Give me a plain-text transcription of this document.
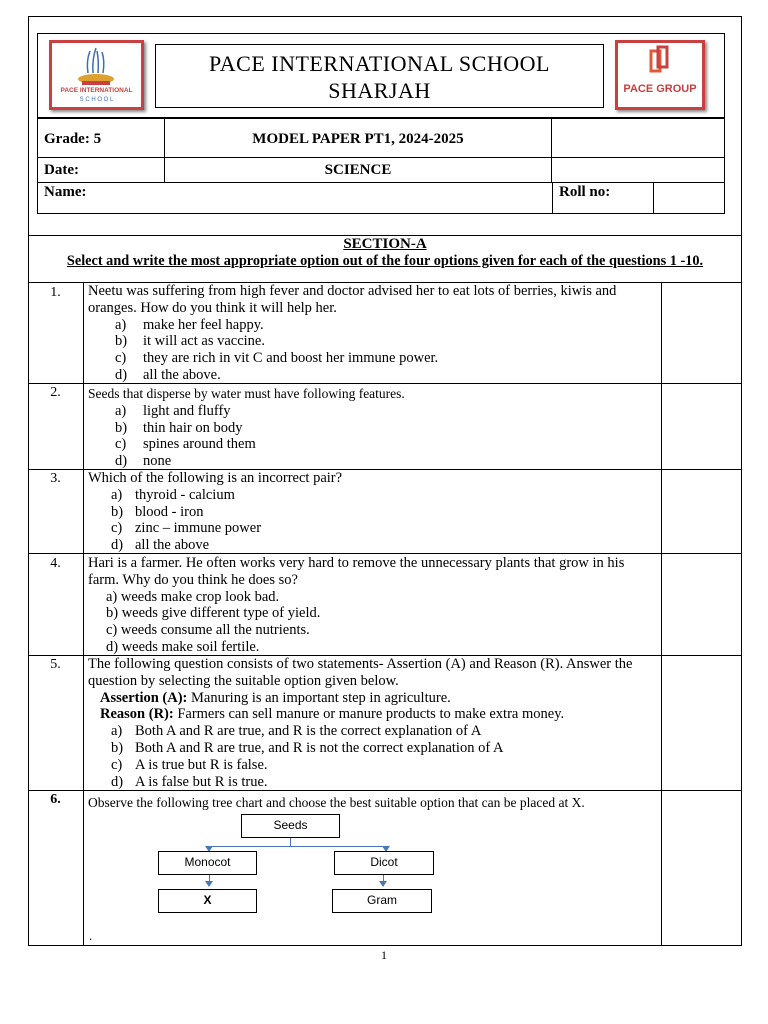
PACE INTERNATIONAL
S C H O O L
PACE INTERNATIONAL SCHOOL
SHARJAH	PACE GROUP
Grade: 5	MODEL PAPER PT1, 2024-2025
Date:	SCIENCE
Name:	Roll no:
SECTION-A
Select and write the most appropriate option out of the four options given for each of the questions 1 -10.
1.	Neetu was suffering from high fever and doctor advised her to eat lots of berries, kiwis and oranges. How do you think it will help her.
a) make her feel happy.
b) it will act as vaccine.
c) they are rich in vit C and boost her immune power.
d) all the above.
2.	Seeds that disperse by water must have following features.
a) light and fluffy
b) thin hair on body
c) spines around them
d) none
3.	Which of the following is an incorrect pair?
a) thyroid - calcium
b) blood - iron
c) zinc – immune power
d) all the above
4.	Hari is a farmer. He often works very hard to remove the unnecessary plants that grow in his farm. Why do you think he does so?
a) weeds make crop look bad.
b) weeds give different type of yield.
c) weeds consume all the nutrients.
d) weeds make soil fertile.
5.	The following question consists of two statements- Assertion (A) and Reason (R). Answer the question by selecting the suitable option given below.
Assertion (A): Manuring is an important step in agriculture.
Reason (R): Farmers can sell manure or manure products to make extra money.
a) Both A and R are true, and R is the correct explanation of A
b) Both A and R are true, and R is not the correct explanation of A
c) A is true but R is false.
d) A is false but R is true.
6.	Observe the following tree chart and choose the best suitable option that can be placed at X.
.
Seeds
Monocot	Dicot
X	Gram
1
